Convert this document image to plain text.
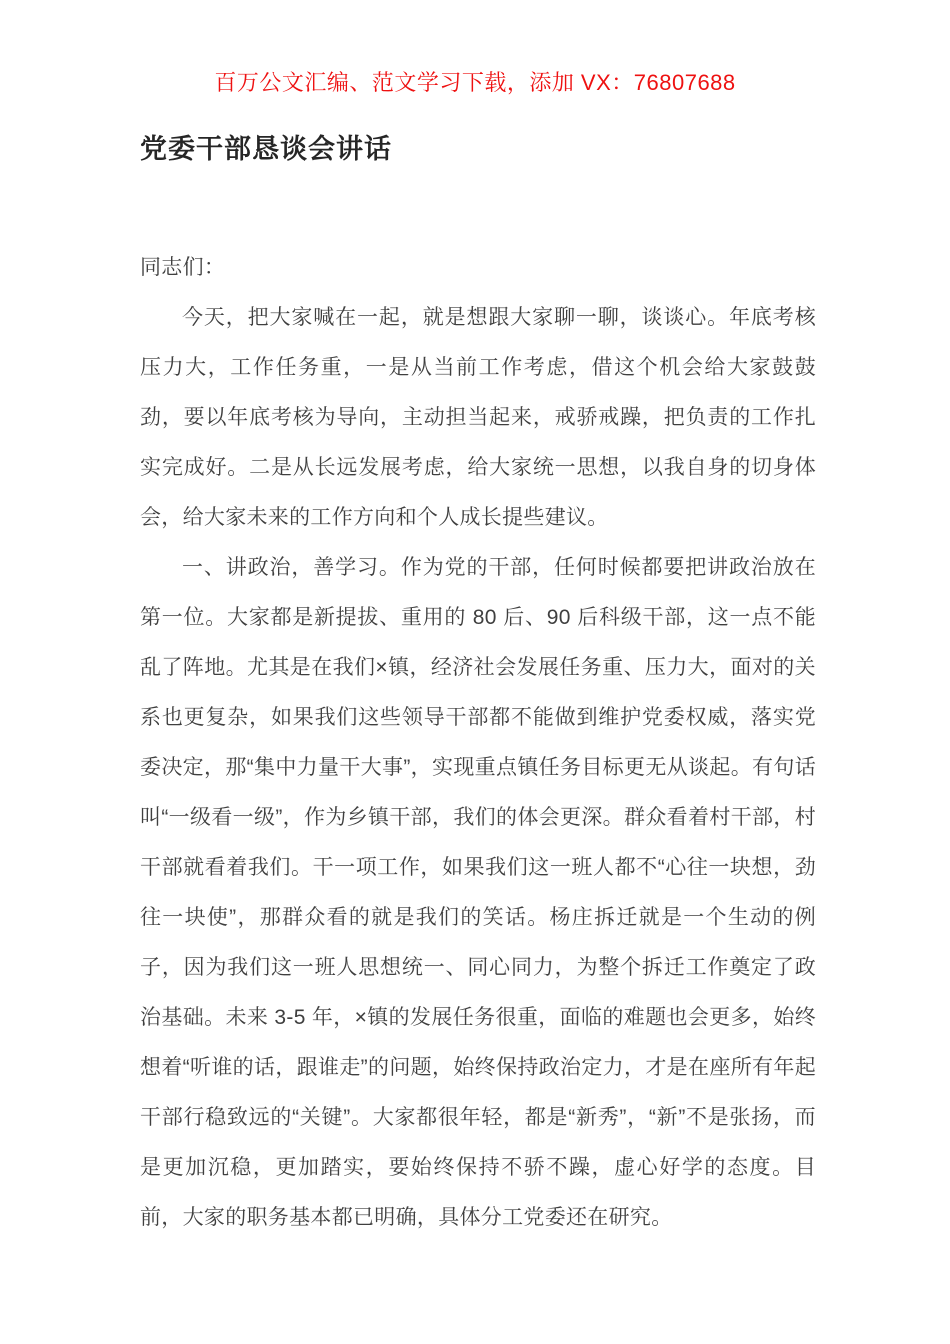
百万公文汇编、范文学习下载，添加 VX：76807688
党委干部恳谈会讲话

同志们：

今天，把大家喊在一起，就是想跟大家聊一聊，谈谈心。年底考核压力大，工作任务重，一是从当前工作考虑，借这个机会给大家鼓鼓劲，要以年底考核为导向，主动担当起来，戒骄戒躁，把负责的工作扎实完成好。二是从长远发展考虑，给大家统一思想，以我自身的切身体会，给大家未来的工作方向和个人成长提些建议。

一、讲政治，善学习。作为党的干部，任何时候都要把讲政治放在第一位。大家都是新提拔、重用的 80 后、90 后科级干部，这一点不能乱了阵地。尤其是在我们×镇，经济社会发展任务重、压力大，面对的关系也更复杂，如果我们这些领导干部都不能做到维护党委权威，落实党委决定，那“集中力量干大事”，实现重点镇任务目标更无从谈起。有句话叫“一级看一级”，作为乡镇干部，我们的体会更深。群众看着村干部，村干部就看着我们。干一项工作，如果我们这一班人都不“心往一块想，劲往一块使”，那群众看的就是我们的笑话。杨庄拆迁就是一个生动的例子，因为我们这一班人思想统一、同心同力，为整个拆迁工作奠定了政治基础。未来 3-5 年，×镇的发展任务很重，面临的难题也会更多，始终想着“听谁的话，跟谁走”的问题，始终保持政治定力，才是在座所有年起干部行稳致远的“关键”。大家都很年轻，都是“新秀”，“新”不是张扬，而是更加沉稳，更加踏实，要始终保持不骄不躁，虚心好学的态度。目前，大家的职务基本都已明确，具体分工党委还在研究。
